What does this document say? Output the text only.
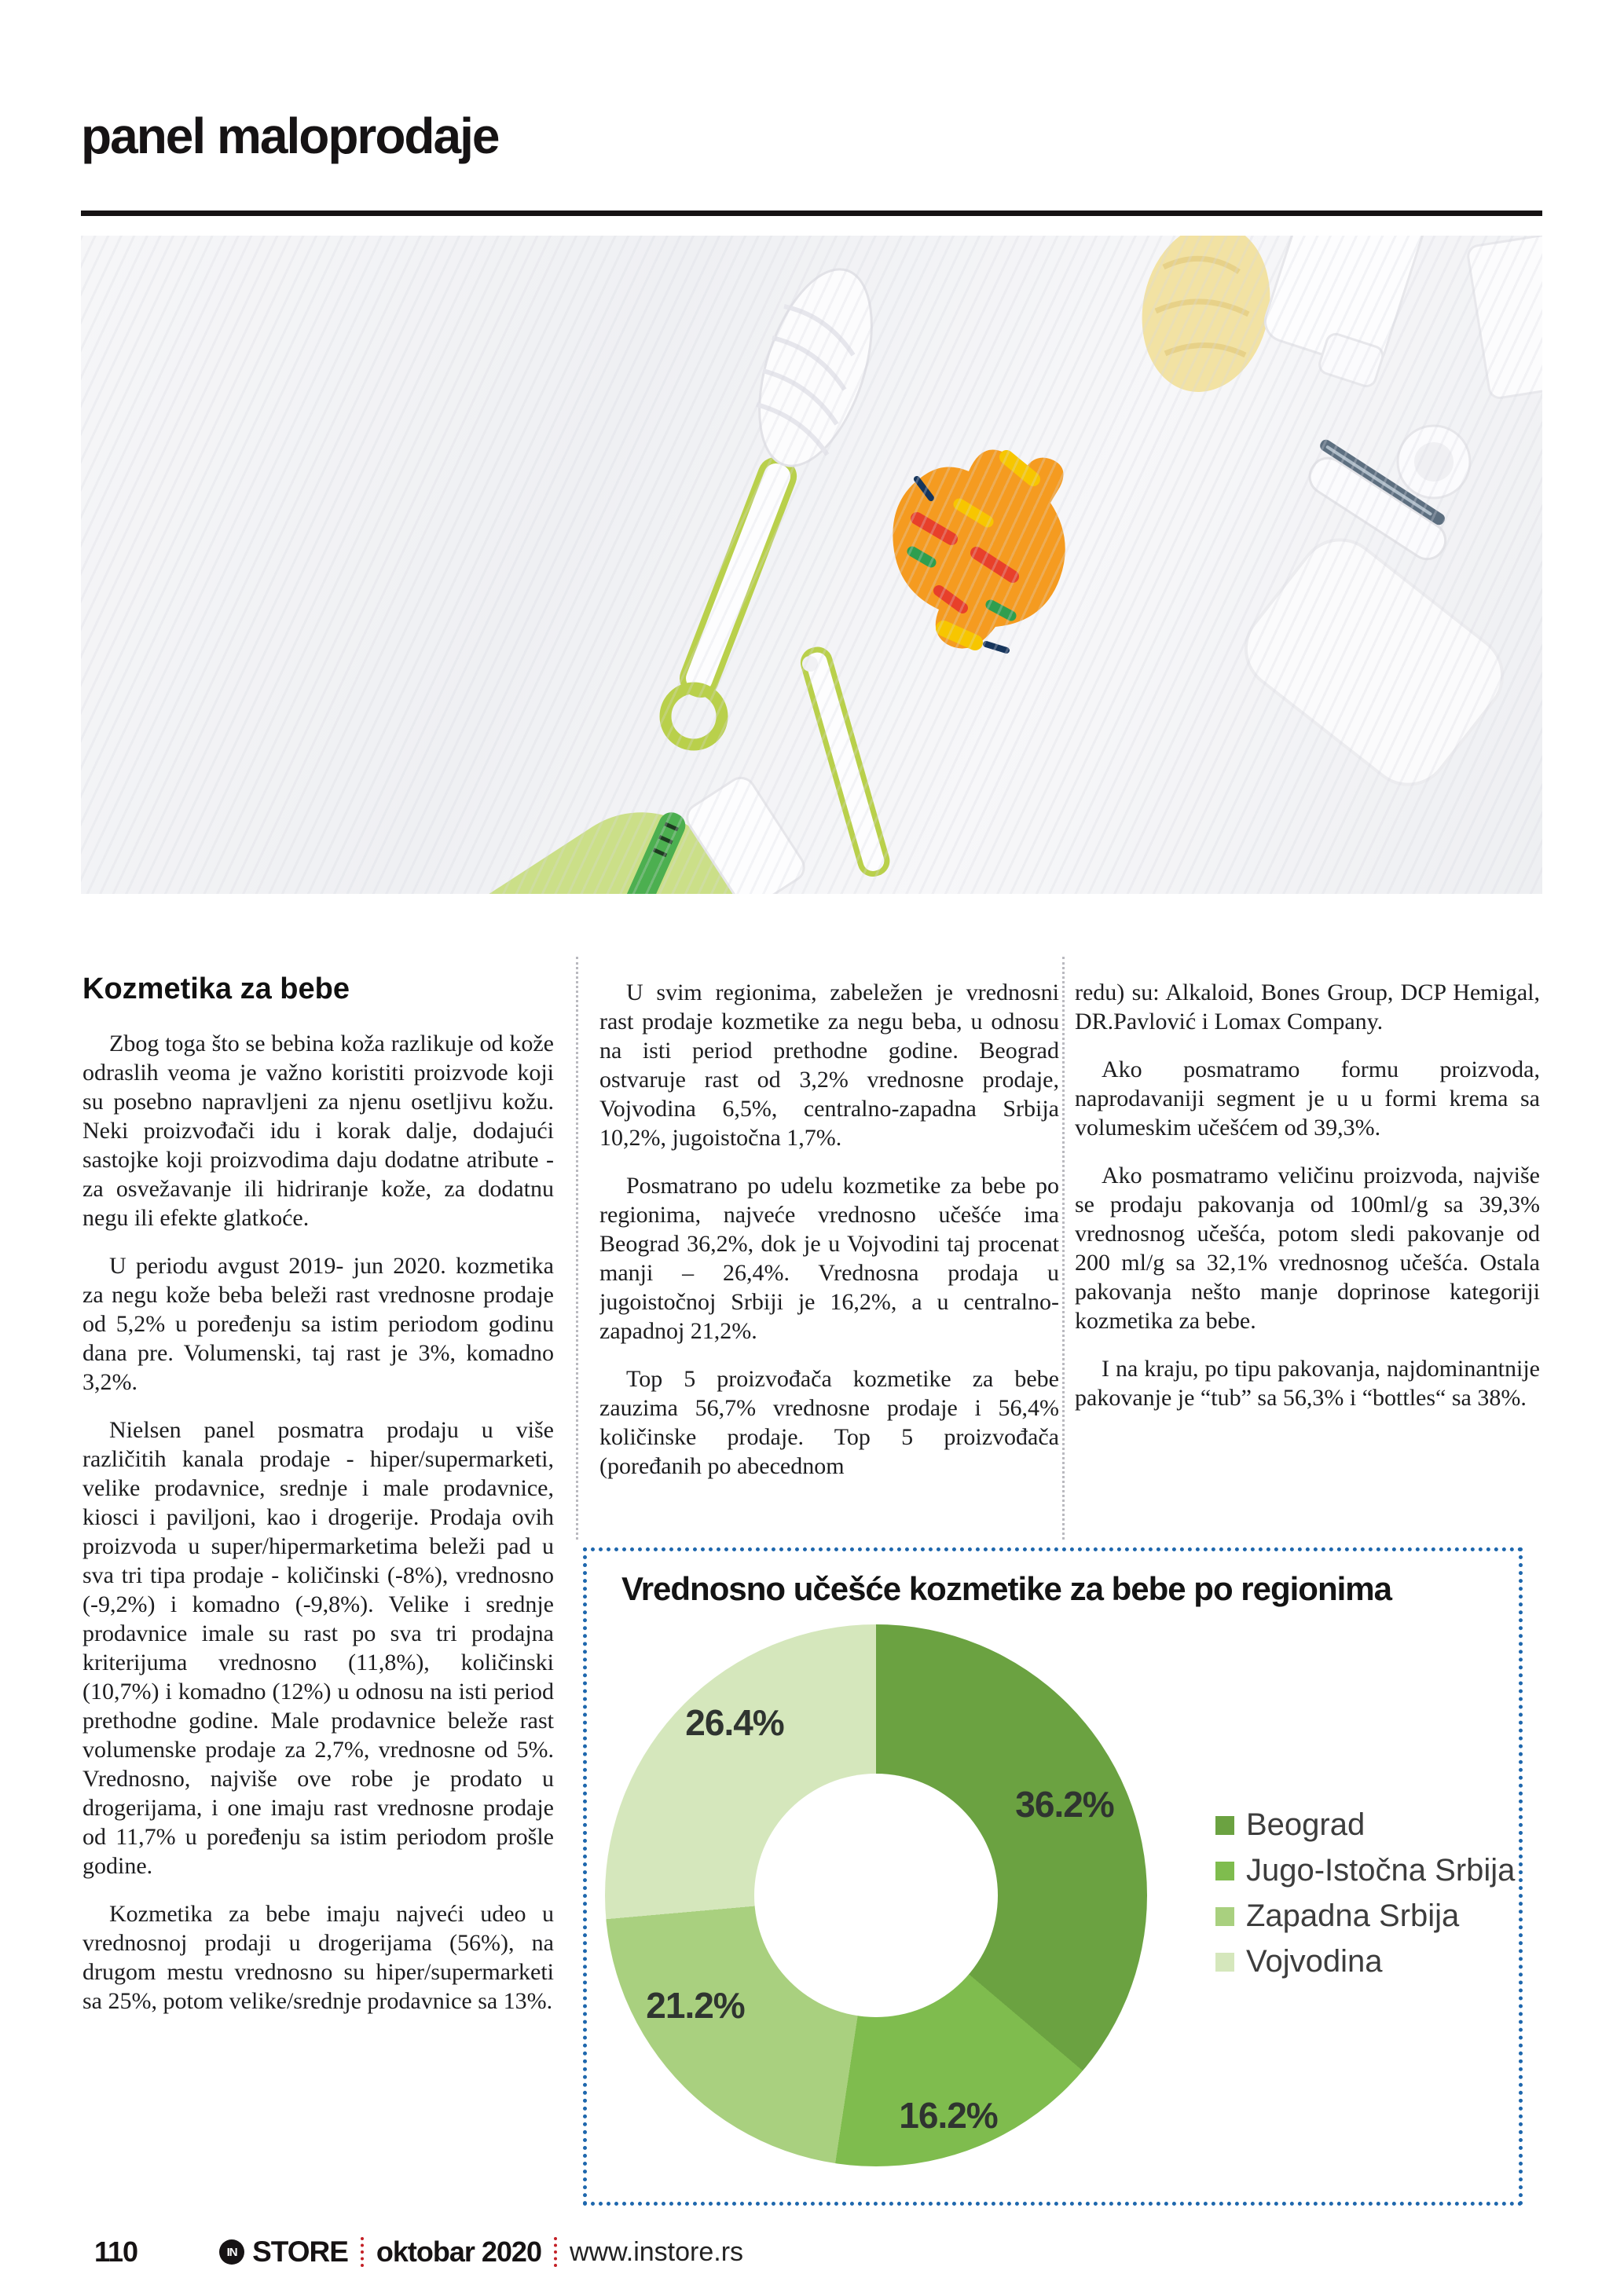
panel maloprodaje
Kozmetika za bebe

Zbog toga što se bebina koža razlikuje od kože odraslih veoma je važno koristiti proizvode koji su posebno napravljeni za njenu osetljivu kožu. Neki proizvođači idu i korak dalje, dodajući sastojke koji proizvodima daju dodatne atribute - za osvežavanje ili hidriranje kože, za dodatnu negu ili efekte glatkoće.

U periodu avgust 2019- jun 2020. kozmetika za negu kože beba beleži rast vrednosne prodaje od 5,2% u poređenju sa istim periodom godinu dana pre. Volumenski, taj rast je 3%, komadno 3,2%.

Nielsen panel posmatra prodaju u više različitih kanala prodaje - hiper/supermarketi, velike prodavnice, srednje i male prodavnice, kiosci i paviljoni, kao i drogerije. Prodaja ovih proizvoda u super/hipermarketima beleži pad u sva tri tipa prodaje - količinski (-8%), vrednosno (-9,2%) i komadno (-9,8%). Velike i srednje prodavnice imale su rast po sva tri prodajna kriterijuma vrednosno (11,8%), količinski (10,7%) i komadno (12%) u odnosu na isti period prethodne godine. Male prodavnice beleže rast volumenske prodaje za 2,7%, vrednosne od 5%. Vrednosno, najviše ove robe je prodato u drogerijama, i one imaju rast vrednosne prodaje od 11,7% u poređenju sa istim periodom prošle godine.

Kozmetika za bebe imaju najveći udeo u vrednosnoj prodaji u drogerijama (56%), na drugom mestu vrednosno su hiper/supermarketi sa 25%, potom velike/srednje prodavnice sa 13%.

U svim regionima, zabeležen je vrednosni rast prodaje kozmetike za negu beba, u odnosu na isti period prethodne godine. Beograd ostvaruje rast od 3,2% vrednosne prodaje, Vojvodina 6,5%, centralno-zapadna Srbija 10,2%, jugoistočna 1,7%.

Posmatrano po udelu kozmetike za bebe po regionima, najveće vrednosno učešće ima Beograd 36,2%, dok je u Vojvodini taj procenat manji – 26,4%. Vrednosna prodaja u jugoistočnoj Srbiji je 16,2%, a u centralno-zapadnoj 21,2%.

Top 5 proizvođača kozmetike za bebe zauzima 56,7% vrednosne prodaje i 56,4% količinske prodaje. Top 5 proizvođača (poređanih po abecednom

redu) su: Alkaloid, Bones Group, DCP Hemigal, DR.Pavlović i Lomax Company.

Ako posmatramo formu proizvoda, naprodavaniji segment je u u formi krema sa volumeskim učešćem od 39,3%.

Ako posmatramo veličinu proizvoda, najviše se prodaju pakovanja od 100ml/g sa 39,3% vrednosnog učešća, potom sledi pakovanje od 200 ml/g sa 32,1% vrednosnog učešća. Ostala pakovanja nešto manje doprinose kategoriji kozmetika za bebe.

I na kraju, po tipu pakovanja, najdominantnije pakovanje je “tub” sa 56,3% i “bottles“ sa 38%.

Vrednosno učešće kozmetike za bebe po regionima
36.2%
16.2%
21.2%
26.4%
Beograd
Jugo-Istočna Srbija
Zapadna Srbija
Vojvodina
110	IN STORE oktobar 2020 www.instore.rs
